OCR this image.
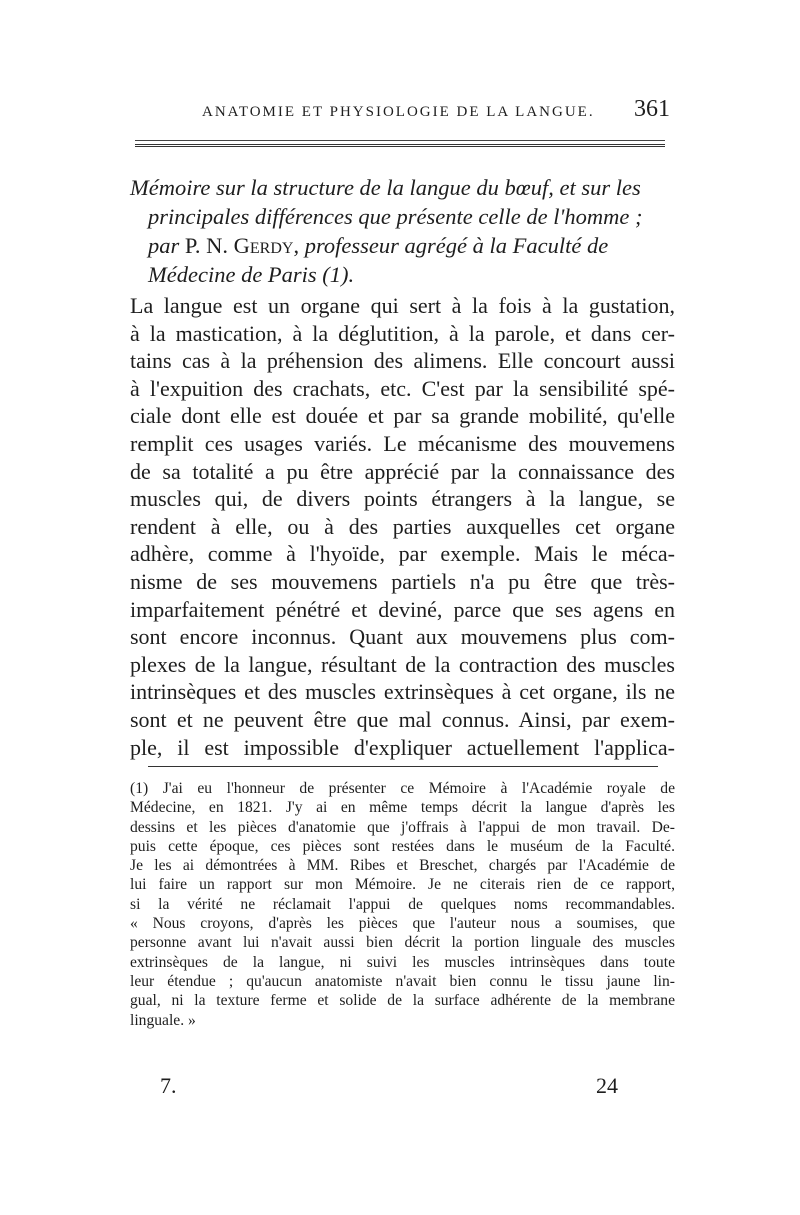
ANATOMIE ET PHYSIOLOGIE DE LA LANGUE. 361
Mémoire sur la structure de la langue du bœuf, et sur les
principales différences que présente celle de l'homme ;
par P. N. Gerdy, professeur agrégé à la Faculté de
Médecine de Paris (1).
La langue est un organe qui sert à la fois à la gustation,
à la mastication, à la déglutition, à la parole, et dans cer-
tains cas à la préhension des alimens. Elle concourt aussi
à l'expuition des crachats, etc. C'est par la sensibilité spé-
ciale dont elle est douée et par sa grande mobilité, qu'elle
remplit ces usages variés. Le mécanisme des mouvemens
de sa totalité a pu être apprécié par la connaissance des
muscles qui, de divers points étrangers à la langue, se
rendent à elle, ou à des parties auxquelles cet organe
adhère, comme à l'hyoïde, par exemple. Mais le méca-
nisme de ses mouvemens partiels n'a pu être que très-
imparfaitement pénétré et deviné, parce que ses agens en
sont encore inconnus. Quant aux mouvemens plus com-
plexes de la langue, résultant de la contraction des muscles
intrinsèques et des muscles extrinsèques à cet organe, ils ne
sont et ne peuvent être que mal connus. Ainsi, par exem-
ple, il est impossible d'expliquer actuellement l'applica-
(1) J'ai eu l'honneur de présenter ce Mémoire à l'Académie royale de
Médecine, en 1821. J'y ai en même temps décrit la langue d'après les
dessins et les pièces d'anatomie que j'offrais à l'appui de mon travail. De-
puis cette époque, ces pièces sont restées dans le muséum de la Faculté.
Je les ai démontrées à MM. Ribes et Breschet, chargés par l'Académie de
lui faire un rapport sur mon Mémoire. Je ne citerais rien de ce rapport,
si la vérité ne réclamait l'appui de quelques noms recommandables.
« Nous croyons, d'après les pièces que l'auteur nous a soumises, que
personne avant lui n'avait aussi bien décrit la portion linguale des muscles
extrinsèques de la langue, ni suivi les muscles intrinsèques dans toute
leur étendue ; qu'aucun anatomiste n'avait bien connu le tissu jaune lin-
gual, ni la texture ferme et solide de la surface adhérente de la membrane
linguale. »
7.	24
